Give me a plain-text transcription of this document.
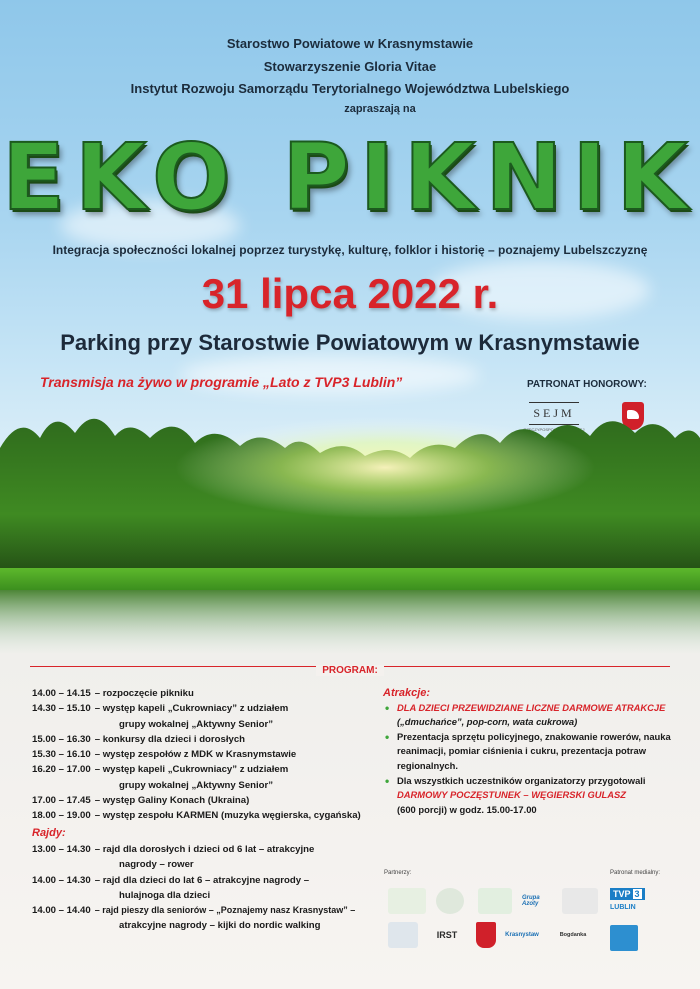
Starostwo Powiatowe w Krasnymstawie
Stowarzyszenie Gloria Vitae
Instytut Rozwoju Samorządu Terytorialnego Województwa Lubelskiego
zapraszają na
EKO PIKNIK
Integracja społeczności lokalnej poprzez turystykę, kulturę, folklor i historię – poznajemy Lubelszczyznę
31 lipca 2022 r.
Parking przy Starostwie Powiatowym w Krasnymstawie
Transmisja na żywo w programie „Lato z TVP3 Lublin”	PATRONAT HONOROWY:
PROGRAM:
14.00 – 14.15 – rozpoczęcie pikniku
14.30 – 15.10 – występ kapeli „Cukrowniacy” z udziałem
grupy wokalnej „Aktywny Senior”
15.00 – 16.30 – konkursy dla dzieci i dorosłych
15.30 – 16.10 – występ zespołów z MDK w Krasnymstawie
16.20 – 17.00 – występ kapeli „Cukrowniacy” z udziałem
grupy wokalnej „Aktywny Senior”
17.00 – 17.45 – występ Galiny Konach (Ukraina)
18.00 – 19.00 – występ zespołu KARMEN (muzyka węgierska, cygańska)
Rajdy:
13.00 – 14.30 – rajd dla dorosłych i dzieci od 6 lat – atrakcyjne
nagrody – rower
14.00 – 14.30 – rajd dla dzieci do lat 6 – atrakcyjne nagrody –
hulajnoga dla dzieci
14.00 – 14.40 – rajd pieszy dla seniorów – „Poznajemy nasz Krasnystaw” –
atrakcyjne nagrody – kijki do nordic walking
Atrakcje:
• DLA DZIECI PRZEWIDZIANE LICZNE DARMOWE ATRAKCJE
(„dmuchańce”, pop-corn, wata cukrowa)
• Prezentacja sprzętu policyjnego, znakowanie rowerów, nauka reanimacji, pomiar ciśnienia i cukru, prezentacja potraw regionalnych.
• Dla wszystkich uczestników organizatorzy przygotowali
DARMOWY POCZĘSTUNEK – WĘGIERSKI GULASZ
(600 porcji) w godz. 15.00-17.00
Partnerzy:
Grupa Azoty
IRST	Krasnystaw	Bogdanka
Patronat medialny:
TVP 3
LUBLIN
